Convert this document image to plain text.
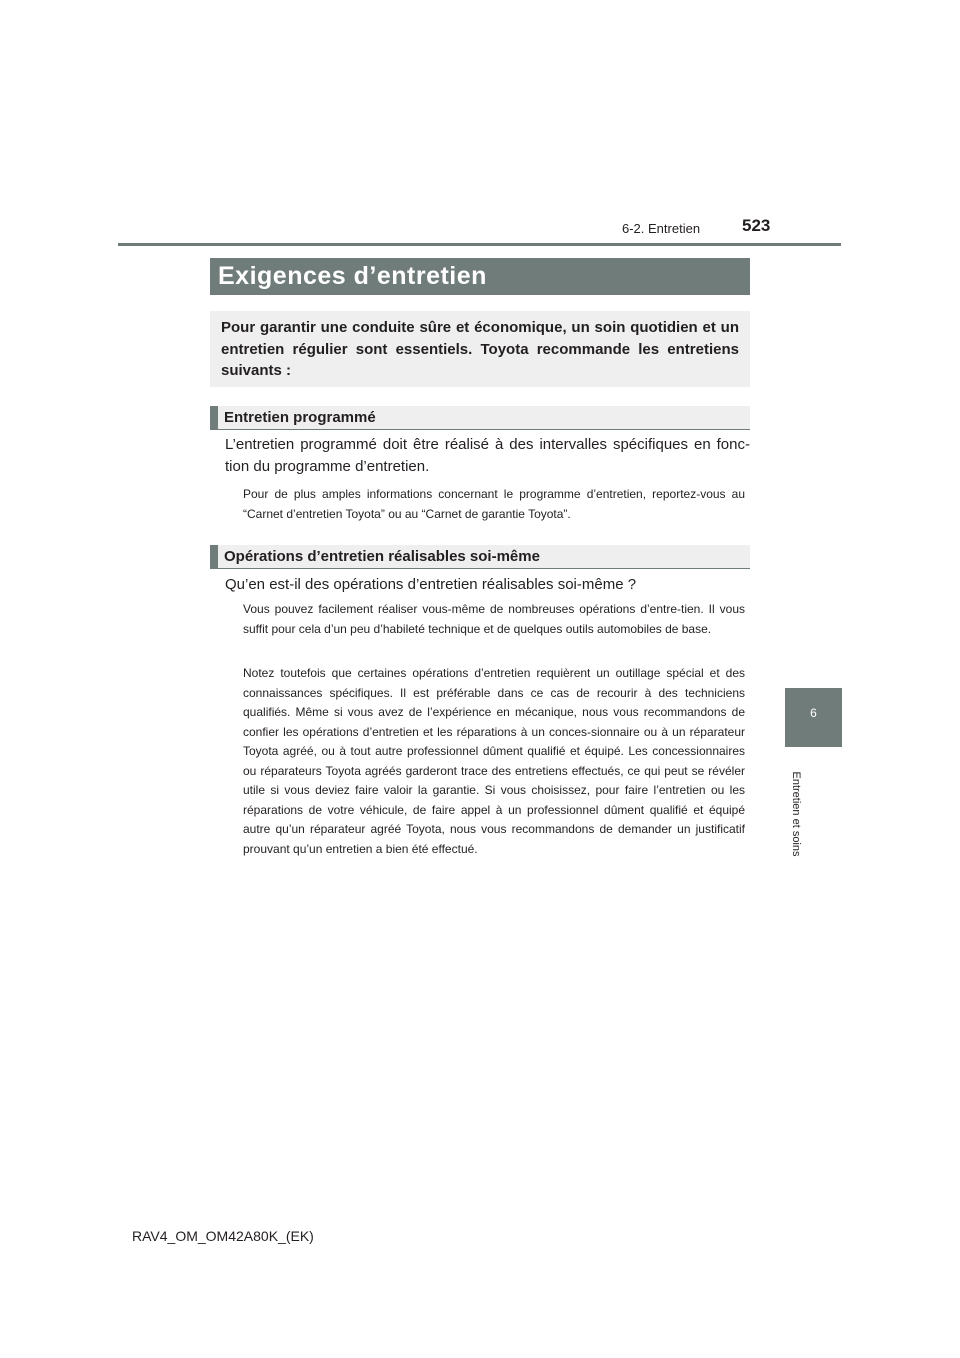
6-2. Entretien 523
6
Entretien et soins
Exigences d’entretien

Pour garantir une conduite sûre et économique, un soin quotidien et un entretien régulier sont essentiels. Toyota recommande les entretiens suivants :

Entretien programmé
L’entretien programmé doit être réalisé à des intervalles spécifiques en fonc-tion du programme d’entretien.
Pour de plus amples informations concernant le programme d’entretien, reportez-vous au “Carnet d’entretien Toyota” ou au “Carnet de garantie Toyota”.
Opérations d’entretien réalisables soi-même
Qu’en est-il des opérations d’entretien réalisables soi-même ?
Vous pouvez facilement réaliser vous-même de nombreuses opérations d’entre-tien. Il vous suffit pour cela d’un peu d’habileté technique et de quelques outils automobiles de base.
Notez toutefois que certaines opérations d’entretien requièrent un outillage spécial et des connaissances spécifiques. Il est préférable dans ce cas de recourir à des techniciens qualifiés. Même si vous avez de l’expérience en mécanique, nous vous recommandons de confier les opérations d’entretien et les réparations à un conces-sionnaire ou à un réparateur Toyota agréé, ou à tout autre professionnel dûment qualifié et équipé. Les concessionnaires ou réparateurs Toyota agréés garderont trace des entretiens effectués, ce qui peut se révéler utile si vous deviez faire valoir la garantie. Si vous choisissez, pour faire l’entretien ou les réparations de votre véhicule, de faire appel à un professionnel dûment qualifié et équipé autre qu’un réparateur agréé Toyota, nous vous recommandons de demander un justificatif prouvant qu’un entretien a bien été effectué.
RAV4_OM_OM42A80K_(EK)
